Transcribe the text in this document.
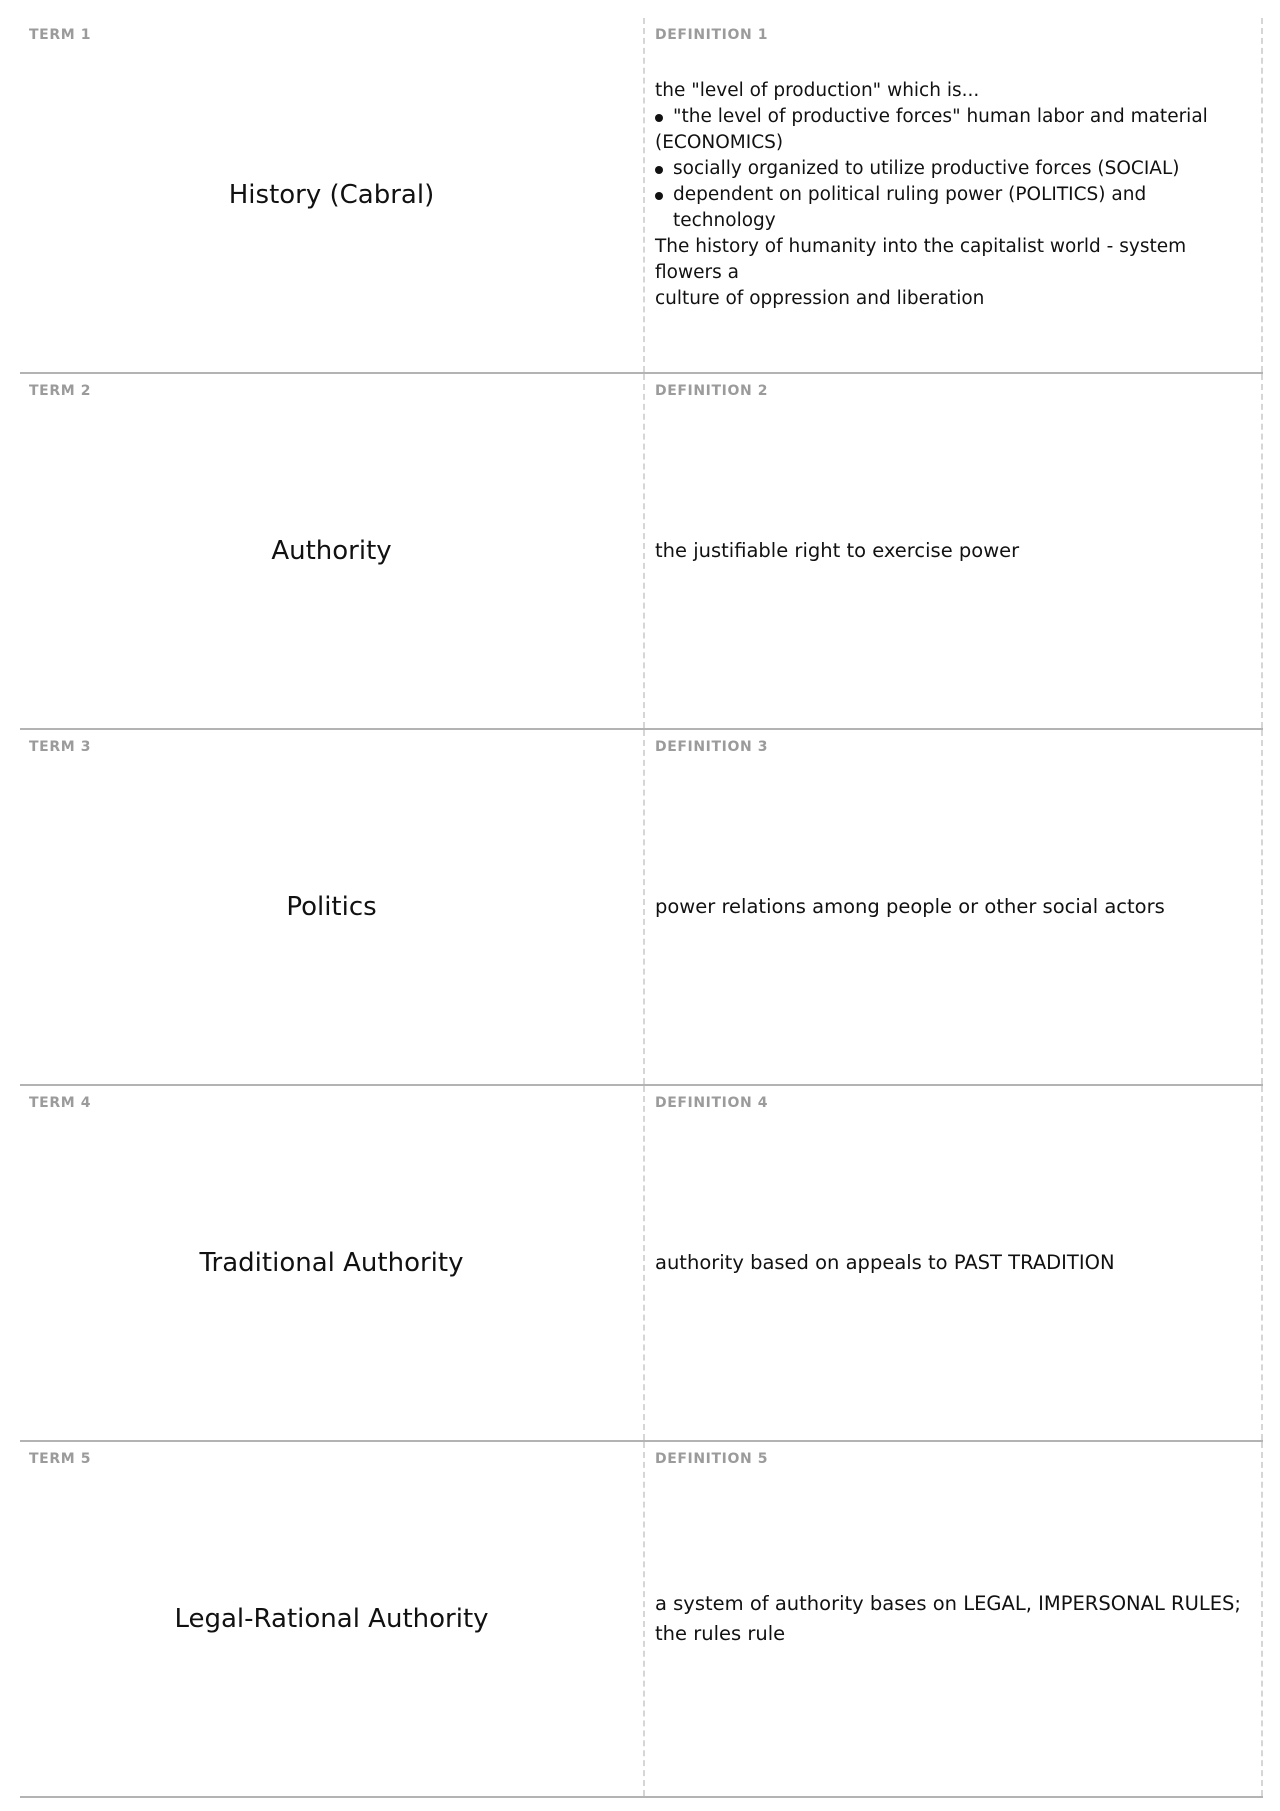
TERM 1
History (Cabral)
DEFINITION 1
the "level of production" which is...
"the level of productive forces" human labor and material
(ECONOMICS)
socially organized to utilize productive forces (SOCIAL)
dependent on political ruling power (POLITICS) and technology
The history of humanity into the capitalist world - system flowers a
culture of oppression and liberation
TERM 2
Authority
DEFINITION 2
the justifiable right to exercise power
TERM 3
Politics
DEFINITION 3
power relations among people or other social actors
TERM 4
Traditional Authority
DEFINITION 4
authority based on appeals to PAST TRADITION
TERM 5
Legal-Rational Authority
DEFINITION 5
a system of authority bases on LEGAL, IMPERSONAL RULES;
the rules rule
